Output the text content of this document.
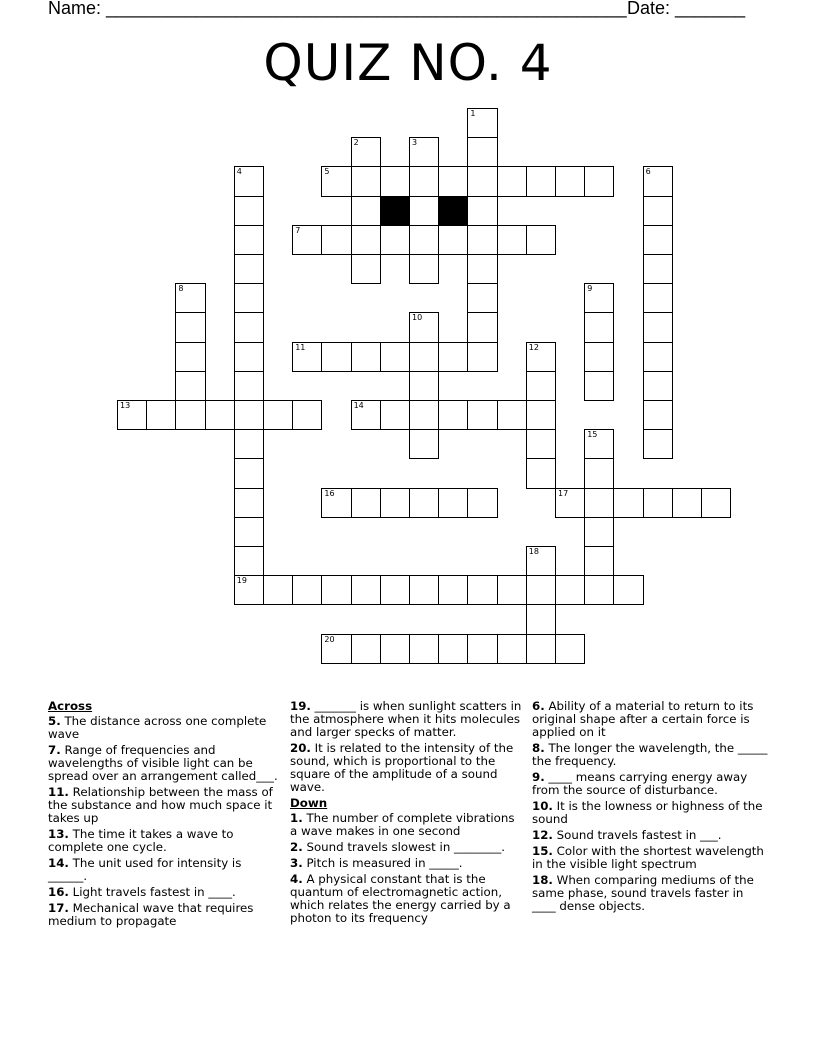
Name: ____________________________________________________ Date: _______
QUIZ NO. 4
5
7
11
13	14
16	17
19
20
1
2	3
4	6
8	9
10
12
15
18
Across
5. The distance across one complete wave
7. Range of frequencies and wavelengths of visible light can be spread over an arrangement called___.
11. Relationship between the mass of the substance and how much space it takes up
13. The time it takes a wave to complete one cycle.
14. The unit used for intensity is ______.
16. Light travels fastest in ____.
17. Mechanical wave that requires medium to propagate
19. _______ is when sunlight scatters in the atmosphere when it hits molecules and larger specks of matter.
20. It is related to the intensity of the sound, which is proportional to the square of the amplitude of a sound wave.
Down
1. The number of complete vibrations a wave makes in one second
2. Sound travels slowest in ________.
3. Pitch is measured in _____.
4. A physical constant that is the quantum of electromagnetic action, which relates the energy carried by a photon to its frequency
6. Ability of a material to return to its original shape after a certain force is applied on it
8. The longer the wavelength, the _____ the frequency.
9. ____ means carrying energy away from the source of disturbance.
10. It is the lowness or highness of the sound
12. Sound travels fastest in ___.
15. Color with the shortest wavelength in the visible light spectrum
18. When comparing mediums of the same phase, sound travels faster in ____ dense objects.
